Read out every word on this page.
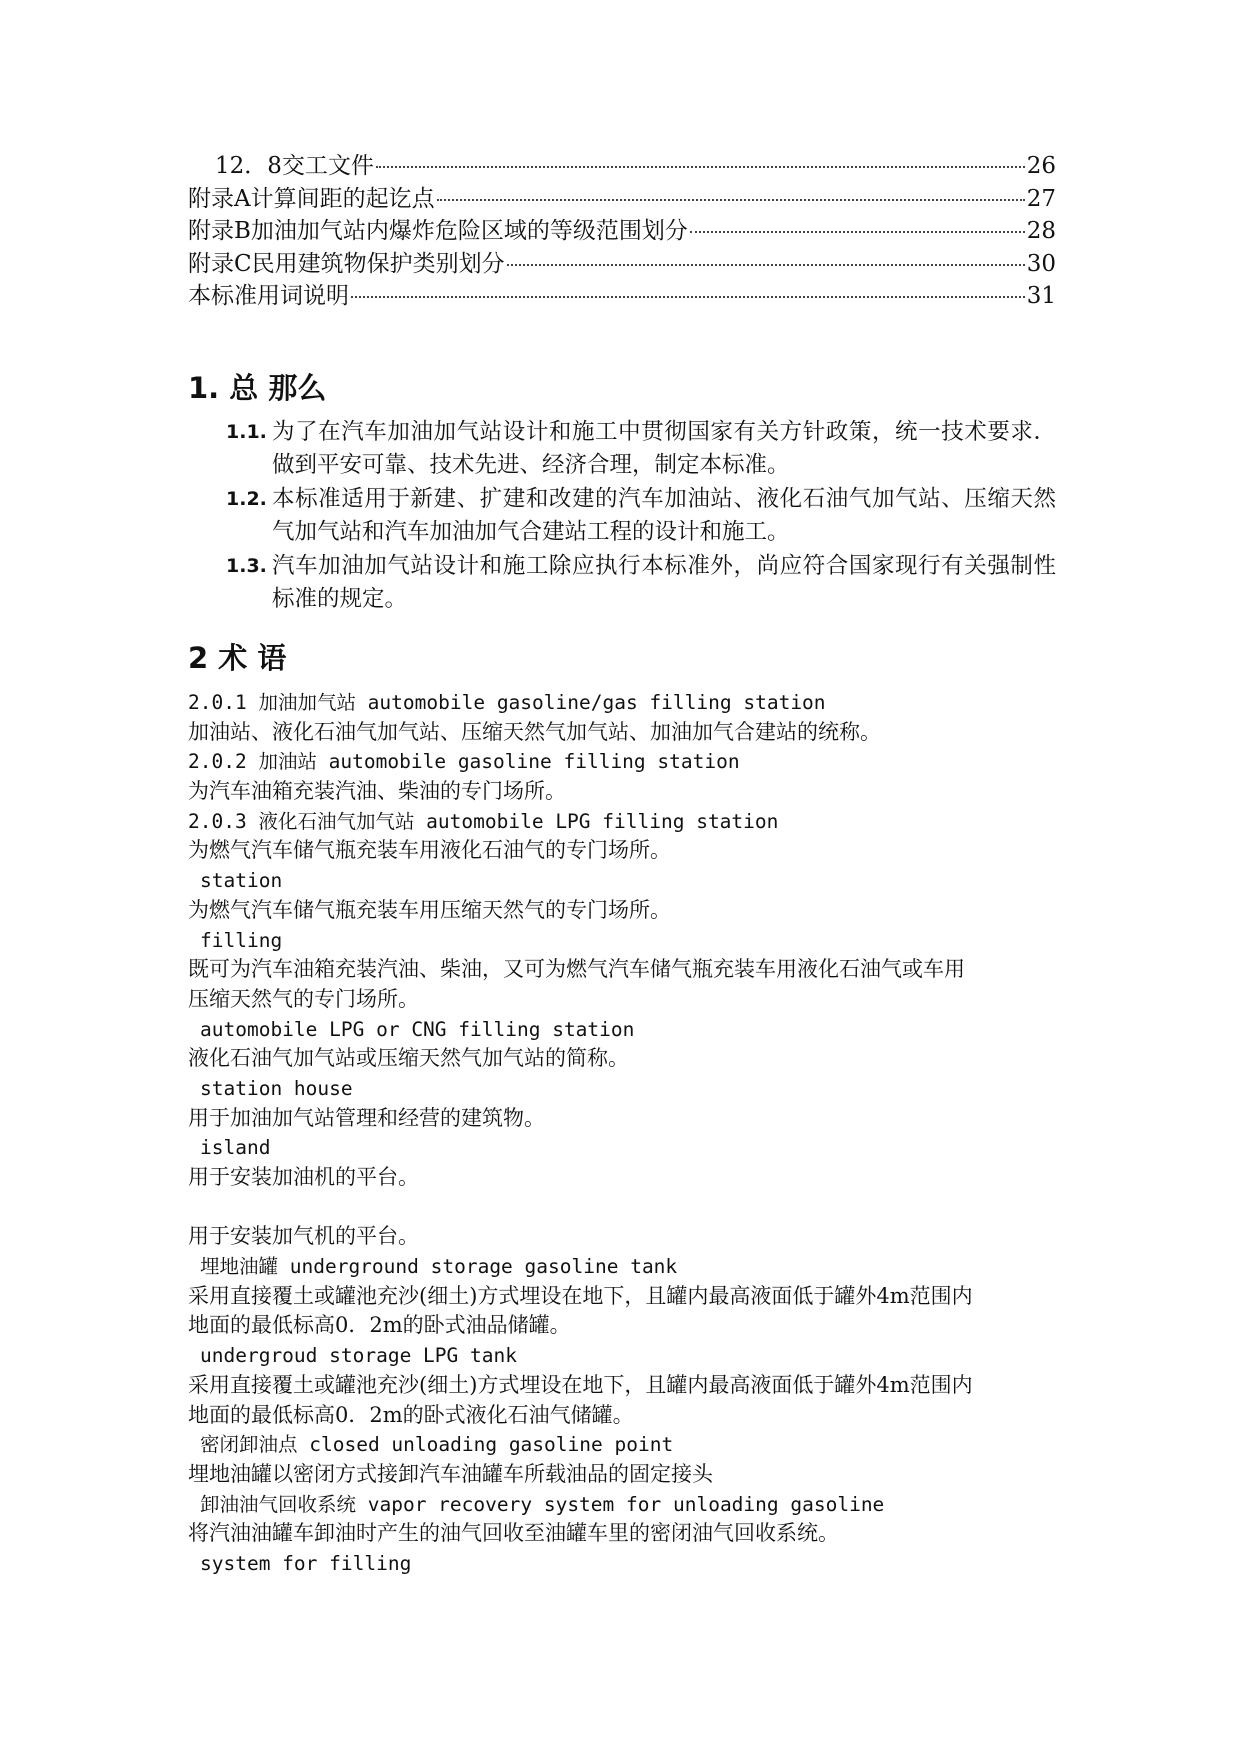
12．8交工文件	26
附录A计算间距的起讫点	27
附录B加油加气站内爆炸危险区域的等级范围划分	28
附录C民用建筑物保护类别划分	30
本标准用词说明	31
1. 总 那么
1.1. 为了在汽车加油加气站设计和施工中贯彻国家有关方针政策，统一技术要求．做到平安可靠、技术先进、经济合理，制定本标准。
1.2. 本标准适用于新建、扩建和改建的汽车加油站、液化石油气加气站、压缩天然气加气站和汽车加油加气合建站工程的设计和施工。
1.3. 汽车加油加气站设计和施工除应执行本标准外，尚应符合国家现行有关强制性标准的规定。
2 术 语
2.0.1 加油加气站 automobile gasoline/gas filling station
加油站、液化石油气加气站、压缩天然气加气站、加油加气合建站的统称。
2.0.2 加油站 automobile gasoline filling station
为汽车油箱充装汽油、柴油的专门场所。
2.0.3 液化石油气加气站 automobile LPG filling station
为燃气汽车储气瓶充装车用液化石油气的专门场所。
station
为燃气汽车储气瓶充装车用压缩天然气的专门场所。
filling
既可为汽车油箱充装汽油、柴油，又可为燃气汽车储气瓶充装车用液化石油气或车用
压缩天然气的专门场所。
automobile LPG or CNG filling station
液化石油气加气站或压缩天然气加气站的简称。
station house
用于加油加气站管理和经营的建筑物。
island
用于安装加油机的平台。
用于安装加气机的平台。
埋地油罐 underground storage gasoline tank
采用直接覆土或罐池充沙(细土)方式埋设在地下，且罐内最高液面低于罐外4m范围内
地面的最低标高0．2m的卧式油品储罐。
undergroud storage LPG tank
采用直接覆土或罐池充沙(细土)方式埋设在地下，且罐内最高液面低于罐外4m范围内
地面的最低标高0．2m的卧式液化石油气储罐。
密闭卸油点 closed unloading gasoline point
埋地油罐以密闭方式接卸汽车油罐车所载油品的固定接头
卸油油气回收系统 vapor recovery system for unloading gasoline
将汽油油罐车卸油时产生的油气回收至油罐车里的密闭油气回收系统。
system for filling
